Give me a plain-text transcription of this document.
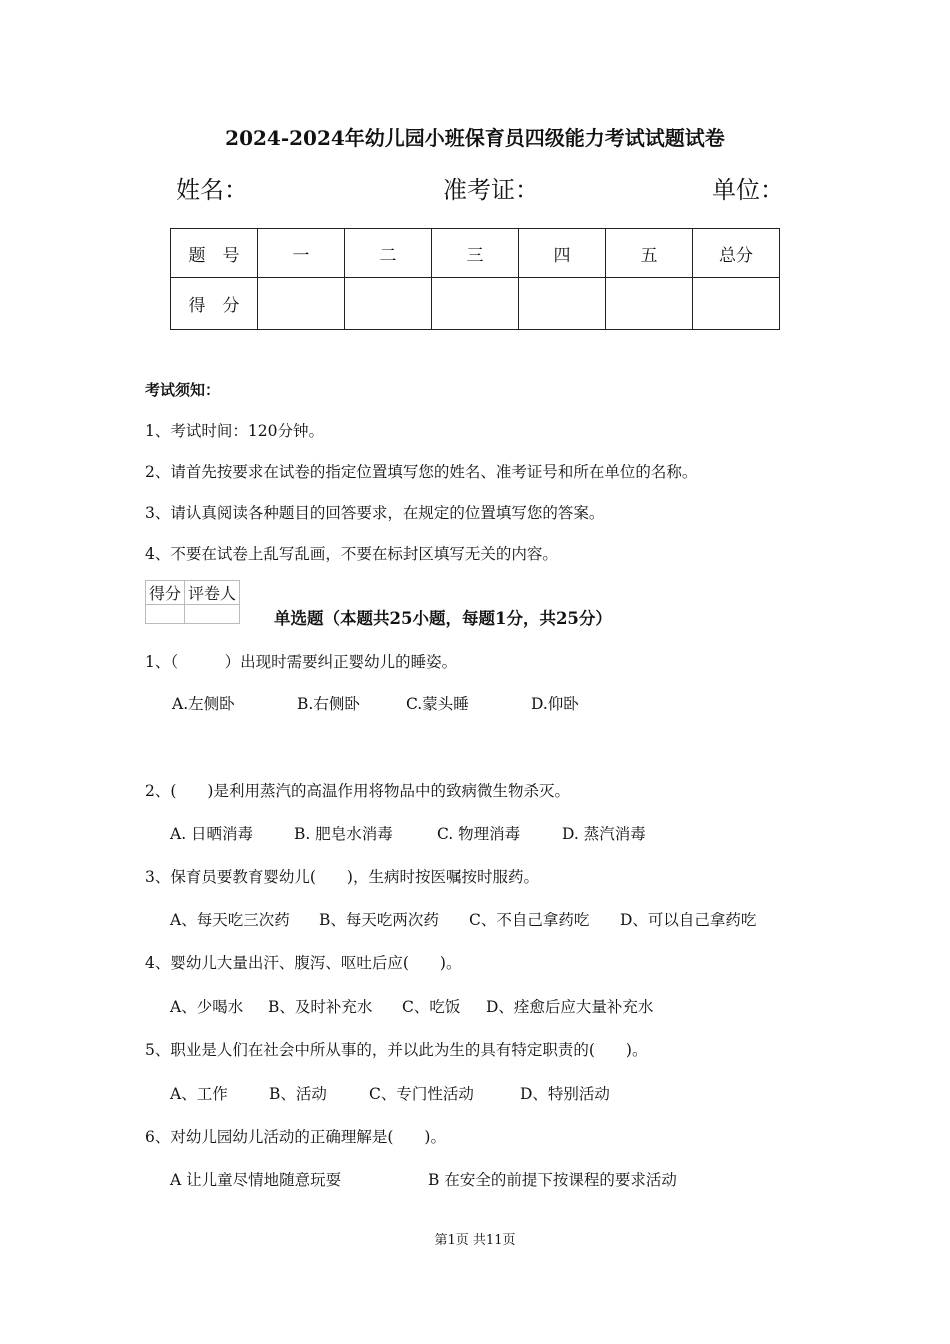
2024-2024年幼儿园小班保育员四级能力考试试题试卷
姓名：	准考证：	单位：
题　号	一	二	三	四	五	总分
得　分						
考试须知：
1、考试时间：120分钟。
2、请首先按要求在试卷的指定位置填写您的姓名、准考证号和所在单位的名称。
3、请认真阅读各种题目的回答要求，在规定的位置填写您的答案。
4、不要在试卷上乱写乱画，不要在标封区填写无关的内容。
得分	评卷人

单选题（本题共25小题，每题1分，共25分）
1、（　　　）出现时需要纠正婴幼儿的睡姿。
A.左侧卧	B.右侧卧	C.蒙头睡	D.仰卧
2、(　　)是利用蒸汽的高温作用将物品中的致病微生物杀灭。
A. 日晒消毒	B. 肥皂水消毒	C. 物理消毒	D. 蒸汽消毒
3、保育员要教育婴幼儿(　　)，生病时按医嘱按时服药。
A、每天吃三次药 B、每天吃两次药 C、不自己拿药吃 D、可以自己拿药吃
4、婴幼儿大量出汗、腹泻、呕吐后应(　　)。
A、少喝水 B、及时补充水 C、吃饭 D、痊愈后应大量补充水
5、职业是人们在社会中所从事的，并以此为生的具有特定职责的(　　)。
A、工作	B、活动	C、专门性活动	D、特别活动
6、对幼儿园幼儿活动的正确理解是(　　)。
A 让儿童尽情地随意玩耍	B 在安全的前提下按课程的要求活动
第1页 共11页
